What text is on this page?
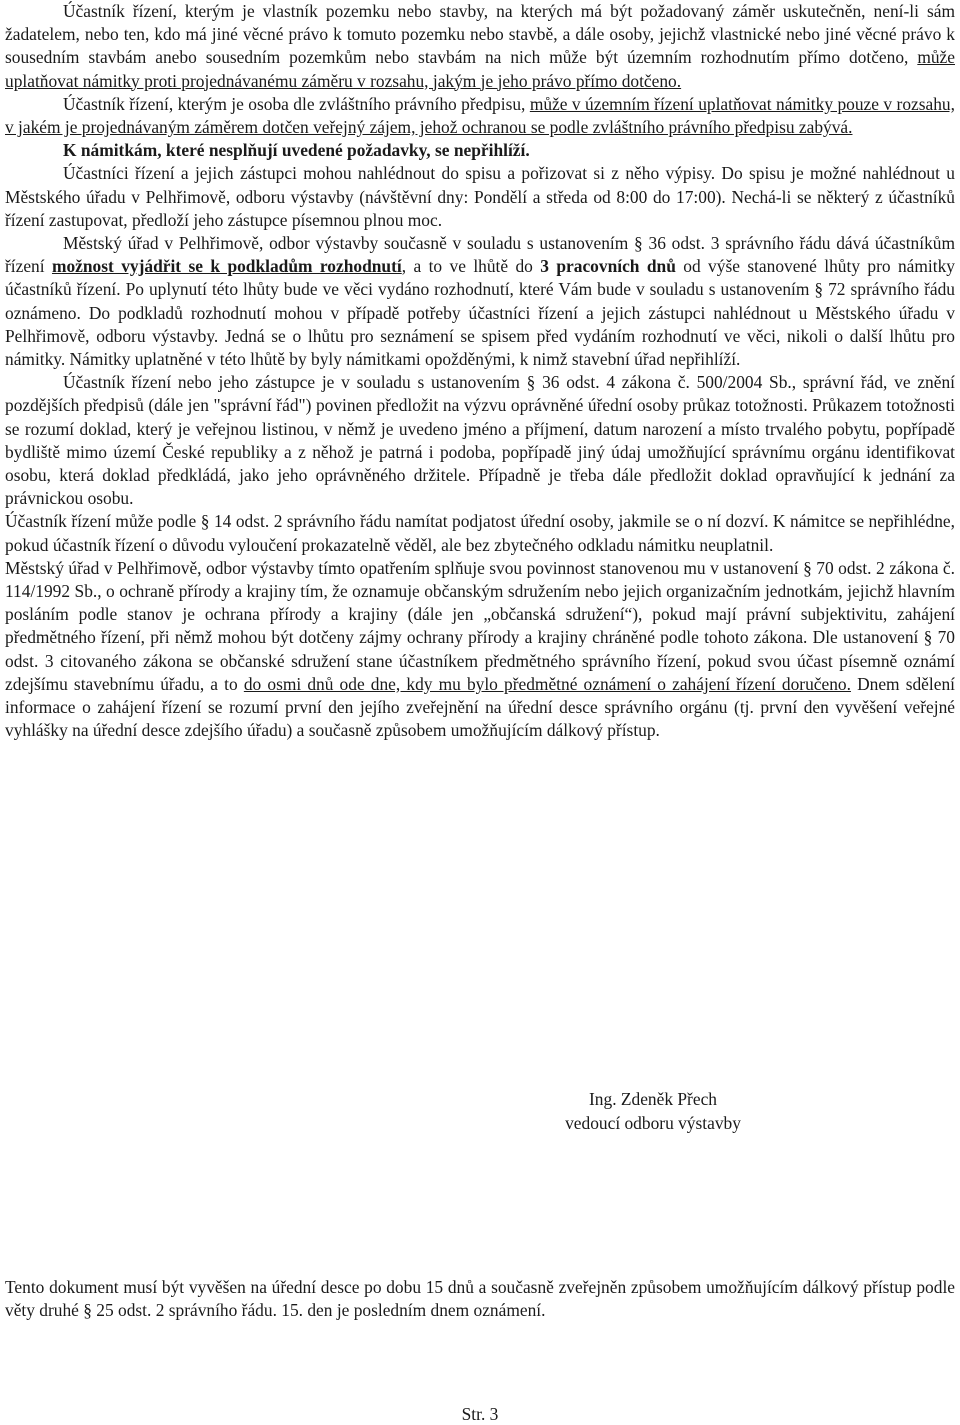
Účastník řízení, kterým je vlastník pozemku nebo stavby, na kterých má být požadovaný záměr uskutečněn, není-li sám žadatelem, nebo ten, kdo má jiné věcné právo k tomuto pozemku nebo stavbě, a dále osoby, jejichž vlastnické nebo jiné věcné právo k sousedním stavbám anebo sousedním pozemkům nebo stavbám na nich může být územním rozhodnutím přímo dotčeno, může uplatňovat námitky proti projednávanému záměru v rozsahu, jakým je jeho právo přímo dotčeno.

Účastník řízení, kterým je osoba dle zvláštního právního předpisu, může v územním řízení uplatňovat námitky pouze v rozsahu, v jakém je projednávaným záměrem dotčen veřejný zájem, jehož ochranou se podle zvláštního právního předpisu zabývá.

K námitkám, které nesplňují uvedené požadavky, se nepřihlíží.

Účastníci řízení a jejich zástupci mohou nahlédnout do spisu a pořizovat si z něho výpisy. Do spisu je možné nahlédnout u Městského úřadu v Pelhřimově, odboru výstavby (návštěvní dny: Pondělí a středa od 8:00 do 17:00). Nechá-li se některý z účastníků řízení zastupovat, předloží jeho zástupce písemnou plnou moc.

Městský úřad v Pelhřimově, odbor výstavby současně v souladu s ustanovením § 36 odst. 3 správního řádu dává účastníkům řízení možnost vyjádřit se k podkladům rozhodnutí, a to ve lhůtě do 3 pracovních dnů od výše stanovené lhůty pro námitky účastníků řízení. Po uplynutí této lhůty bude ve věci vydáno rozhodnutí, které Vám bude v souladu s ustanovením § 72 správního řádu oznámeno. Do podkladů rozhodnutí mohou v případě potřeby účastníci řízení a jejich zástupci nahlédnout u Městského úřadu v Pelhřimově, odboru výstavby. Jedná se o lhůtu pro seznámení se spisem před vydáním rozhodnutí ve věci, nikoli o další lhůtu pro námitky. Námitky uplatněné v této lhůtě by byly námitkami opožděnými, k nimž stavební úřad nepřihlíží.

Účastník řízení nebo jeho zástupce je v souladu s ustanovením § 36 odst. 4 zákona č. 500/2004 Sb., správní řád, ve znění pozdějších předpisů (dále jen "správní řád") povinen předložit na výzvu oprávněné úřední osoby průkaz totožnosti. Průkazem totožnosti se rozumí doklad, který je veřejnou listinou, v němž je uvedeno jméno a příjmení, datum narození a místo trvalého pobytu, popřípadě bydliště mimo území České republiky a z něhož je patrná i podoba, popřípadě jiný údaj umožňující správnímu orgánu identifikovat osobu, která doklad předkládá, jako jeho oprávněného držitele. Případně je třeba dále předložit doklad opravňující k jednání za právnickou osobu.

Účastník řízení může podle § 14 odst. 2 správního řádu namítat podjatost úřední osoby, jakmile se o ní dozví. K námitce se nepřihlédne, pokud účastník řízení o důvodu vyloučení prokazatelně věděl, ale bez zbytečného odkladu námitku neuplatnil.

Městský úřad v Pelhřimově, odbor výstavby tímto opatřením splňuje svou povinnost stanovenou mu v ustanovení § 70 odst. 2 zákona č. 114/1992 Sb., o ochraně přírody a krajiny tím, že oznamuje občanským sdružením nebo jejich organizačním jednotkám, jejichž hlavním posláním podle stanov je ochrana přírody a krajiny (dále jen „občanská sdružení“), pokud mají právní subjektivitu, zahájení předmětného řízení, při němž mohou být dotčeny zájmy ochrany přírody a krajiny chráněné podle tohoto zákona. Dle ustanovení § 70 odst. 3 citovaného zákona se občanské sdružení stane účastníkem předmětného správního řízení, pokud svou účast písemně oznámí zdejšímu stavebnímu úřadu, a to do osmi dnů ode dne, kdy mu bylo předmětné oznámení o zahájení řízení doručeno. Dnem sdělení informace o zahájení řízení se rozumí první den jejího zveřejnění na úřední desce správního orgánu (tj. první den vyvěšení veřejné vyhlášky na úřední desce zdejšího úřadu) a současně způsobem umožňujícím dálkový přístup.

Ing. Zdeněk Přech
vedoucí odboru výstavby
Tento dokument musí být vyvěšen na úřední desce po dobu 15 dnů a současně zveřejněn způsobem umožňujícím dálkový přístup podle věty druhé § 25 odst. 2 správního řádu. 15. den je posledním dnem oznámení.
Str. 3
